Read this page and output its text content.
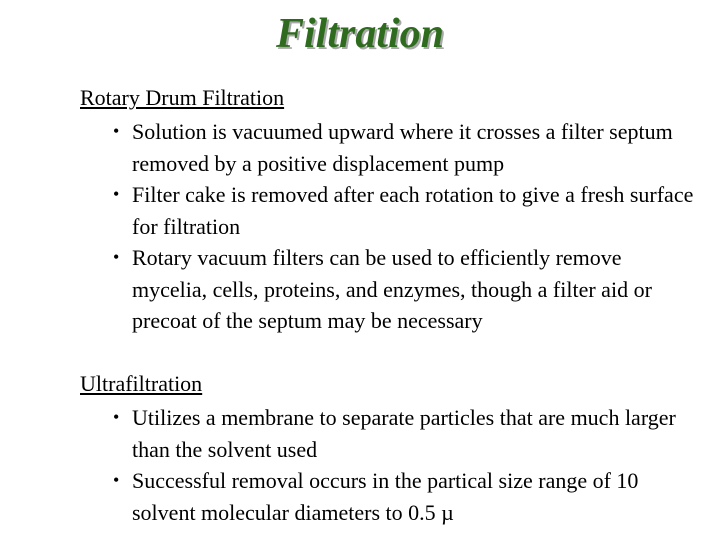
Filtration
Rotary Drum Filtration
• Solution is vacuumed upward where it crosses a filter septum removed by a positive displacement pump
• Filter cake is removed after each rotation to give a fresh surface for filtration
• Rotary vacuum filters can be used to efficiently remove mycelia, cells, proteins, and enzymes, though a filter aid or precoat of the septum may be necessary
Ultrafiltration
• Utilizes a membrane to separate particles that are much larger than the solvent used
• Successful removal occurs in the partical size range of 10 solvent molecular diameters to 0.5 µ
